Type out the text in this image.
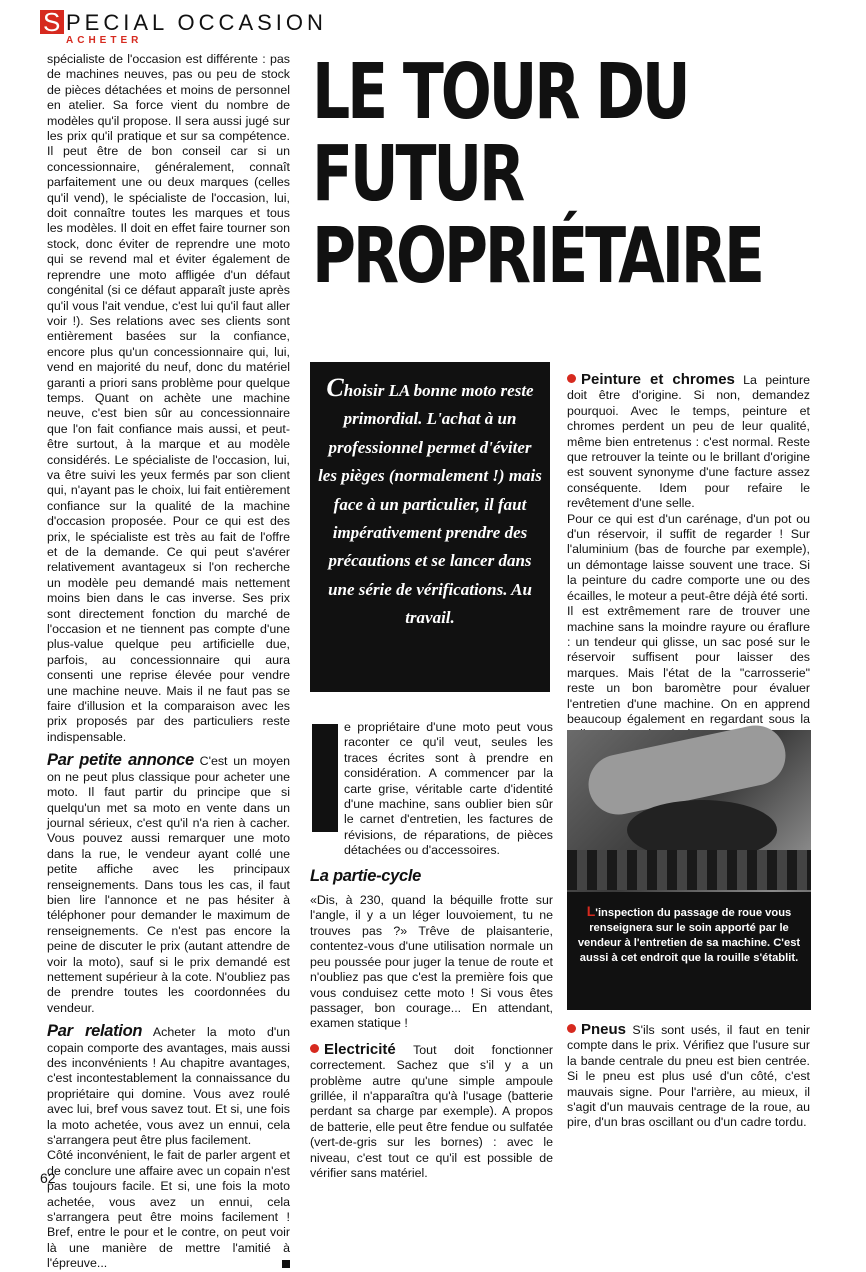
S PECIAL OCCASION
ACHETER

spécialiste de l'occasion est différente : pas de machines neuves, pas ou peu de stock de pièces détachées et moins de personnel en atelier. Sa force vient du nombre de modèles qu'il propose. Il sera aussi jugé sur les prix qu'il pratique et sur sa compétence. Il peut être de bon conseil car si un concessionnaire, généralement, connaît parfaitement une ou deux marques (celles qu'il vend), le spécialiste de l'occasion, lui, doit connaître toutes les marques et tous les modèles. Il doit en effet faire tourner son stock, donc éviter de reprendre une moto qui se revend mal et éviter également de reprendre une moto affligée d'un défaut congénital (si ce défaut apparaît juste après qu'il vous l'ait vendue, c'est lui qu'il faut aller voir !). Ses relations avec ses clients sont entièrement basées sur la confiance, encore plus qu'un concessionnaire qui, lui, vend en majorité du neuf, donc du matériel garanti a priori sans problème pour quelque temps. Quant on achète une machine neuve, c'est bien sûr au concessionnaire que l'on fait confiance mais aussi, et peut-être surtout, à la marque et au modèle considérés. Le spécialiste de l'occasion, lui, va être suivi les yeux fermés par son client qui, n'ayant pas le choix, lui fait entièrement confiance sur la qualité de la machine d'occasion proposée. Pour ce qui est des prix, le spécialiste est très au fait de l'offre et de la demande. Ce qui peut s'avérer relativement avantageux si l'on recherche un modèle peu demandé mais nettement moins bien dans le cas inverse. Ses prix sont directement fonction du marché de l'occasion et ne tiennent pas compte d'une plus-value quelque peu artificielle due, parfois, au concessionnaire qui aura consenti une reprise élevée pour vendre une machine neuve. Mais il ne faut pas se faire d'illusion et la comparaison avec les prix proposés par des particuliers reste indispensable.

Par petite annonce C'est un moyen on ne peut plus classique pour acheter une moto. Il faut partir du principe que si quelqu'un met sa moto en vente dans un journal sérieux, c'est qu'il n'a rien à cacher. Vous pouvez aussi remarquer une moto dans la rue, le vendeur ayant collé une petite affiche avec les principaux renseignements. Dans tous les cas, il faut bien lire l'annonce et ne pas hésiter à téléphoner pour demander le maximum de renseignements. Ce n'est pas encore la peine de discuter le prix (autant attendre de voir la moto), sauf si le prix demandé est nettement supérieur à la cote. N'oubliez pas de prendre toutes les coordonnées du vendeur.

Par relation Acheter la moto d'un copain comporte des avantages, mais aussi des inconvénients ! Au chapitre avantages, c'est incontestablement la connaissance du propriétaire qui domine. Vous avez roulé avec lui, bref vous savez tout. Et si, une fois la moto achetée, vous avez un ennui, cela s'arrangera peut être plus facilement.

Côté inconvénient, le fait de parler argent et de conclure une affaire avec un copain n'est pas toujours facile. Et si, une fois la moto achetée, vous avez un ennui, cela s'arrangera peut être moins facilement ! Bref, entre le pour et le contre, on peut voir là une manière de mettre l'amitié à l'épreuve...

LE TOUR DU
FUTUR
PROPRIÉTAIRE
Choisir LA bonne moto reste primordial. L'achat à un professionnel permet d'éviter les pièges (normalement !) mais face à un particulier, il faut impérativement prendre des précautions et se lancer dans une série de vérifications. Au travail.

e propriétaire d'une moto peut vous raconter ce qu'il veut, seules les traces écrites sont à prendre en considération. A commencer par la carte grise, véritable carte d'identité d'une machine, sans oublier bien sûr le carnet d'entretien, les factures de révisions, de réparations, de pièces détachées ou d'accessoires.

La partie-cycle

«Dis, à 230, quand la béquille frotte sur l'angle, il y a un léger louvoiement, tu ne trouves pas ?» Trêve de plaisanterie, contentez-vous d'une utilisation normale un peu poussée pour juger la tenue de route et n'oubliez pas que c'est la première fois que vous conduisez cette moto ! Si vous êtes passager, bon courage... En attendant, examen statique !

Electricité Tout doit fonctionner correctement. Sachez que s'il y a un problème autre qu'une simple ampoule grillée, il n'apparaîtra qu'à l'usage (batterie perdant sa charge par exemple). A propos de batterie, elle peut être fendue ou sulfatée (vert-de-gris sur les bornes) : avec le niveau, c'est tout ce qu'il est possible de vérifier sans matériel.

Peinture et chromes La peinture doit être d'origine. Si non, demandez pourquoi. Avec le temps, peinture et chromes perdent un peu de leur qualité, même bien entretenus : c'est normal. Reste que retrouver la teinte ou le brillant d'origine est souvent synonyme d'une facture assez conséquente. Idem pour refaire le revêtement d'une selle.

Pour ce qui est d'un carénage, d'un pot ou d'un réservoir, il suffit de regarder ! Sur l'aluminium (bas de fourche par exemple), un démontage laisse souvent une trace. Si la peinture du cadre comporte une ou des écailles, le moteur a peut-être déjà été sorti.

Il est extrêmement rare de trouver une machine sans la moindre rayure ou éraflure : un tendeur qui glisse, un sac posé sur le réservoir suffisent pour laisser des marques. Mais l'état de la "carrosserie" reste un bon baromètre pour évaluer l'entretien d'une machine. On en apprend beaucoup également en regardant sous la

L'inspection du passage de roue vous renseignera sur le soin apporté par le vendeur à l'entretien de sa machine. C'est aussi à cet endroit que la rouille s'établit.

Pneus S'ils sont usés, il faut en tenir compte dans le prix. Vérifiez que l'usure sur la bande centrale du pneu est bien centrée. Si le pneu est plus usé d'un côté, c'est mauvais signe. Pour l'arrière, au mieux, il s'agit d'un mauvais centrage de la roue, au pire, d'un bras oscillant ou d'un cadre tordu.

62
